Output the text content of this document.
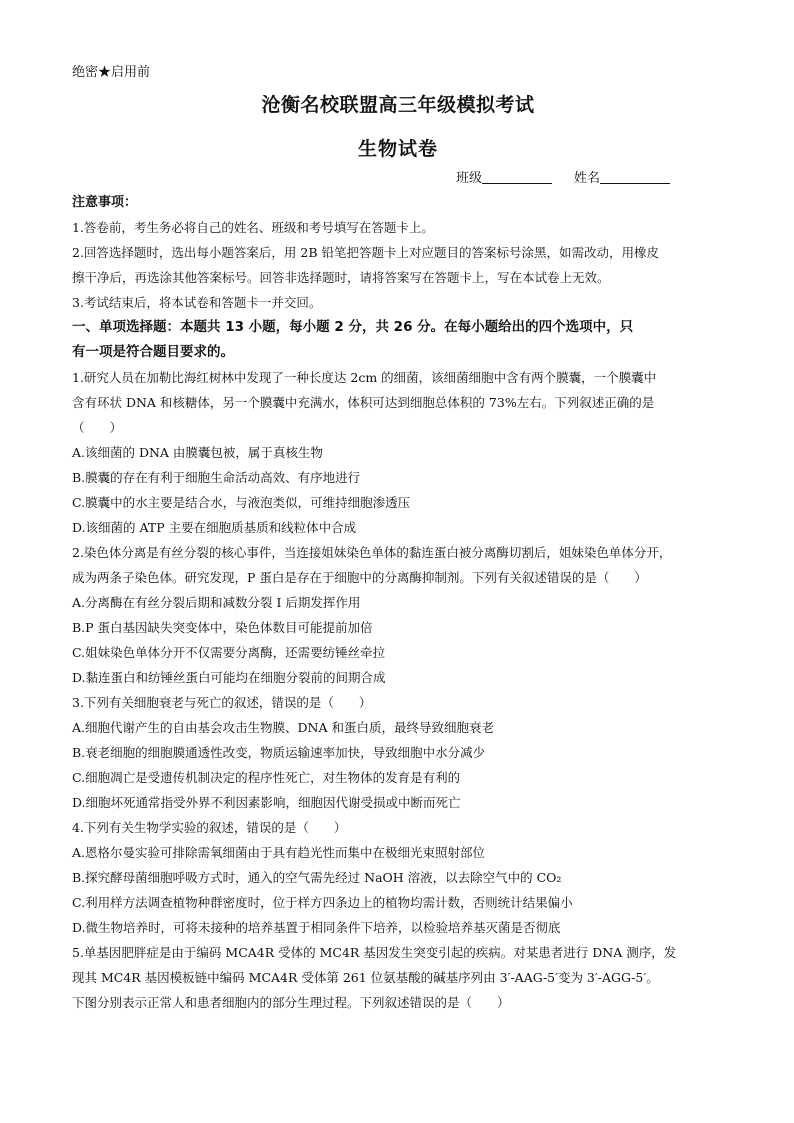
绝密★启用前

沧衡名校联盟高三年级模拟考试
生物试卷
班级	姓名

注意事项：

1.答卷前，考生务必将自己的姓名、班级和考号填写在答题卡上。

2.回答选择题时，选出每小题答案后，用 2B 铅笔把答题卡上对应题目的答案标号涂黑，如需改动，用橡皮

擦干净后，再选涂其他答案标号。回答非选择题时，请将答案写在答题卡上，写在本试卷上无效。

3.考试结束后，将本试卷和答题卡一并交回。

一、单项选择题：本题共 13 小题，每小题 2 分，共 26 分。在每小题给出的四个选项中，只

有一项是符合题目要求的。

1.研究人员在加勒比海红树林中发现了一种长度达 2cm 的细菌，该细菌细胞中含有两个膜囊，一个膜囊中

含有环状 DNA 和核糖体，另一个膜囊中充满水，体积可达到细胞总体积的 73%左右。下列叙述正确的是

（　　）

A.该细菌的 DNA 由膜囊包被，属于真核生物

B.膜囊的存在有利于细胞生命活动高效、有序地进行

C.膜囊中的水主要是结合水，与液泡类似，可维持细胞渗透压

D.该细菌的 ATP 主要在细胞质基质和线粒体中合成

2.染色体分离是有丝分裂的核心事件，当连接姐妹染色单体的黏连蛋白被分离酶切割后，姐妹染色单体分开，

成为两条子染色体。研究发现，P 蛋白是存在于细胞中的分离酶抑制剂。下列有关叙述错误的是（　　）

A.分离酶在有丝分裂后期和减数分裂 I 后期发挥作用

B.P 蛋白基因缺失突变体中，染色体数目可能提前加倍

C.姐妹染色单体分开不仅需要分离酶，还需要纺锤丝牵拉

D.黏连蛋白和纺锤丝蛋白可能均在细胞分裂前的间期合成

3.下列有关细胞衰老与死亡的叙述，错误的是（　　）

A.细胞代谢产生的自由基会攻击生物膜、DNA 和蛋白质，最终导致细胞衰老

B.衰老细胞的细胞膜通透性改变，物质运输速率加快，导致细胞中水分减少

C.细胞凋亡是受遗传机制决定的程序性死亡，对生物体的发育是有利的

D.细胞坏死通常指受外界不利因素影响，细胞因代谢受损或中断而死亡

4.下列有关生物学实验的叙述，错误的是（　　）

A.恩格尔曼实验可排除需氧细菌由于具有趋光性而集中在极细光束照射部位

B.探究酵母菌细胞呼吸方式时，通入的空气需先经过 NaOH 溶液，以去除空气中的 CO₂

C.利用样方法调查植物种群密度时，位于样方四条边上的植物均需计数，否则统计结果偏小

D.微生物培养时，可将未接种的培养基置于相同条件下培养，以检验培养基灭菌是否彻底

5.单基因肥胖症是由于编码 MCA4R 受体的 MC4R 基因发生突变引起的疾病。对某患者进行 DNA 测序，发

现其 MC4R 基因模板链中编码 MCA4R 受体第 261 位氨基酸的碱基序列由 3′-AAG-5′变为 3′-AGG-5′。

下图分别表示正常人和患者细胞内的部分生理过程。下列叙述错误的是（　　）
